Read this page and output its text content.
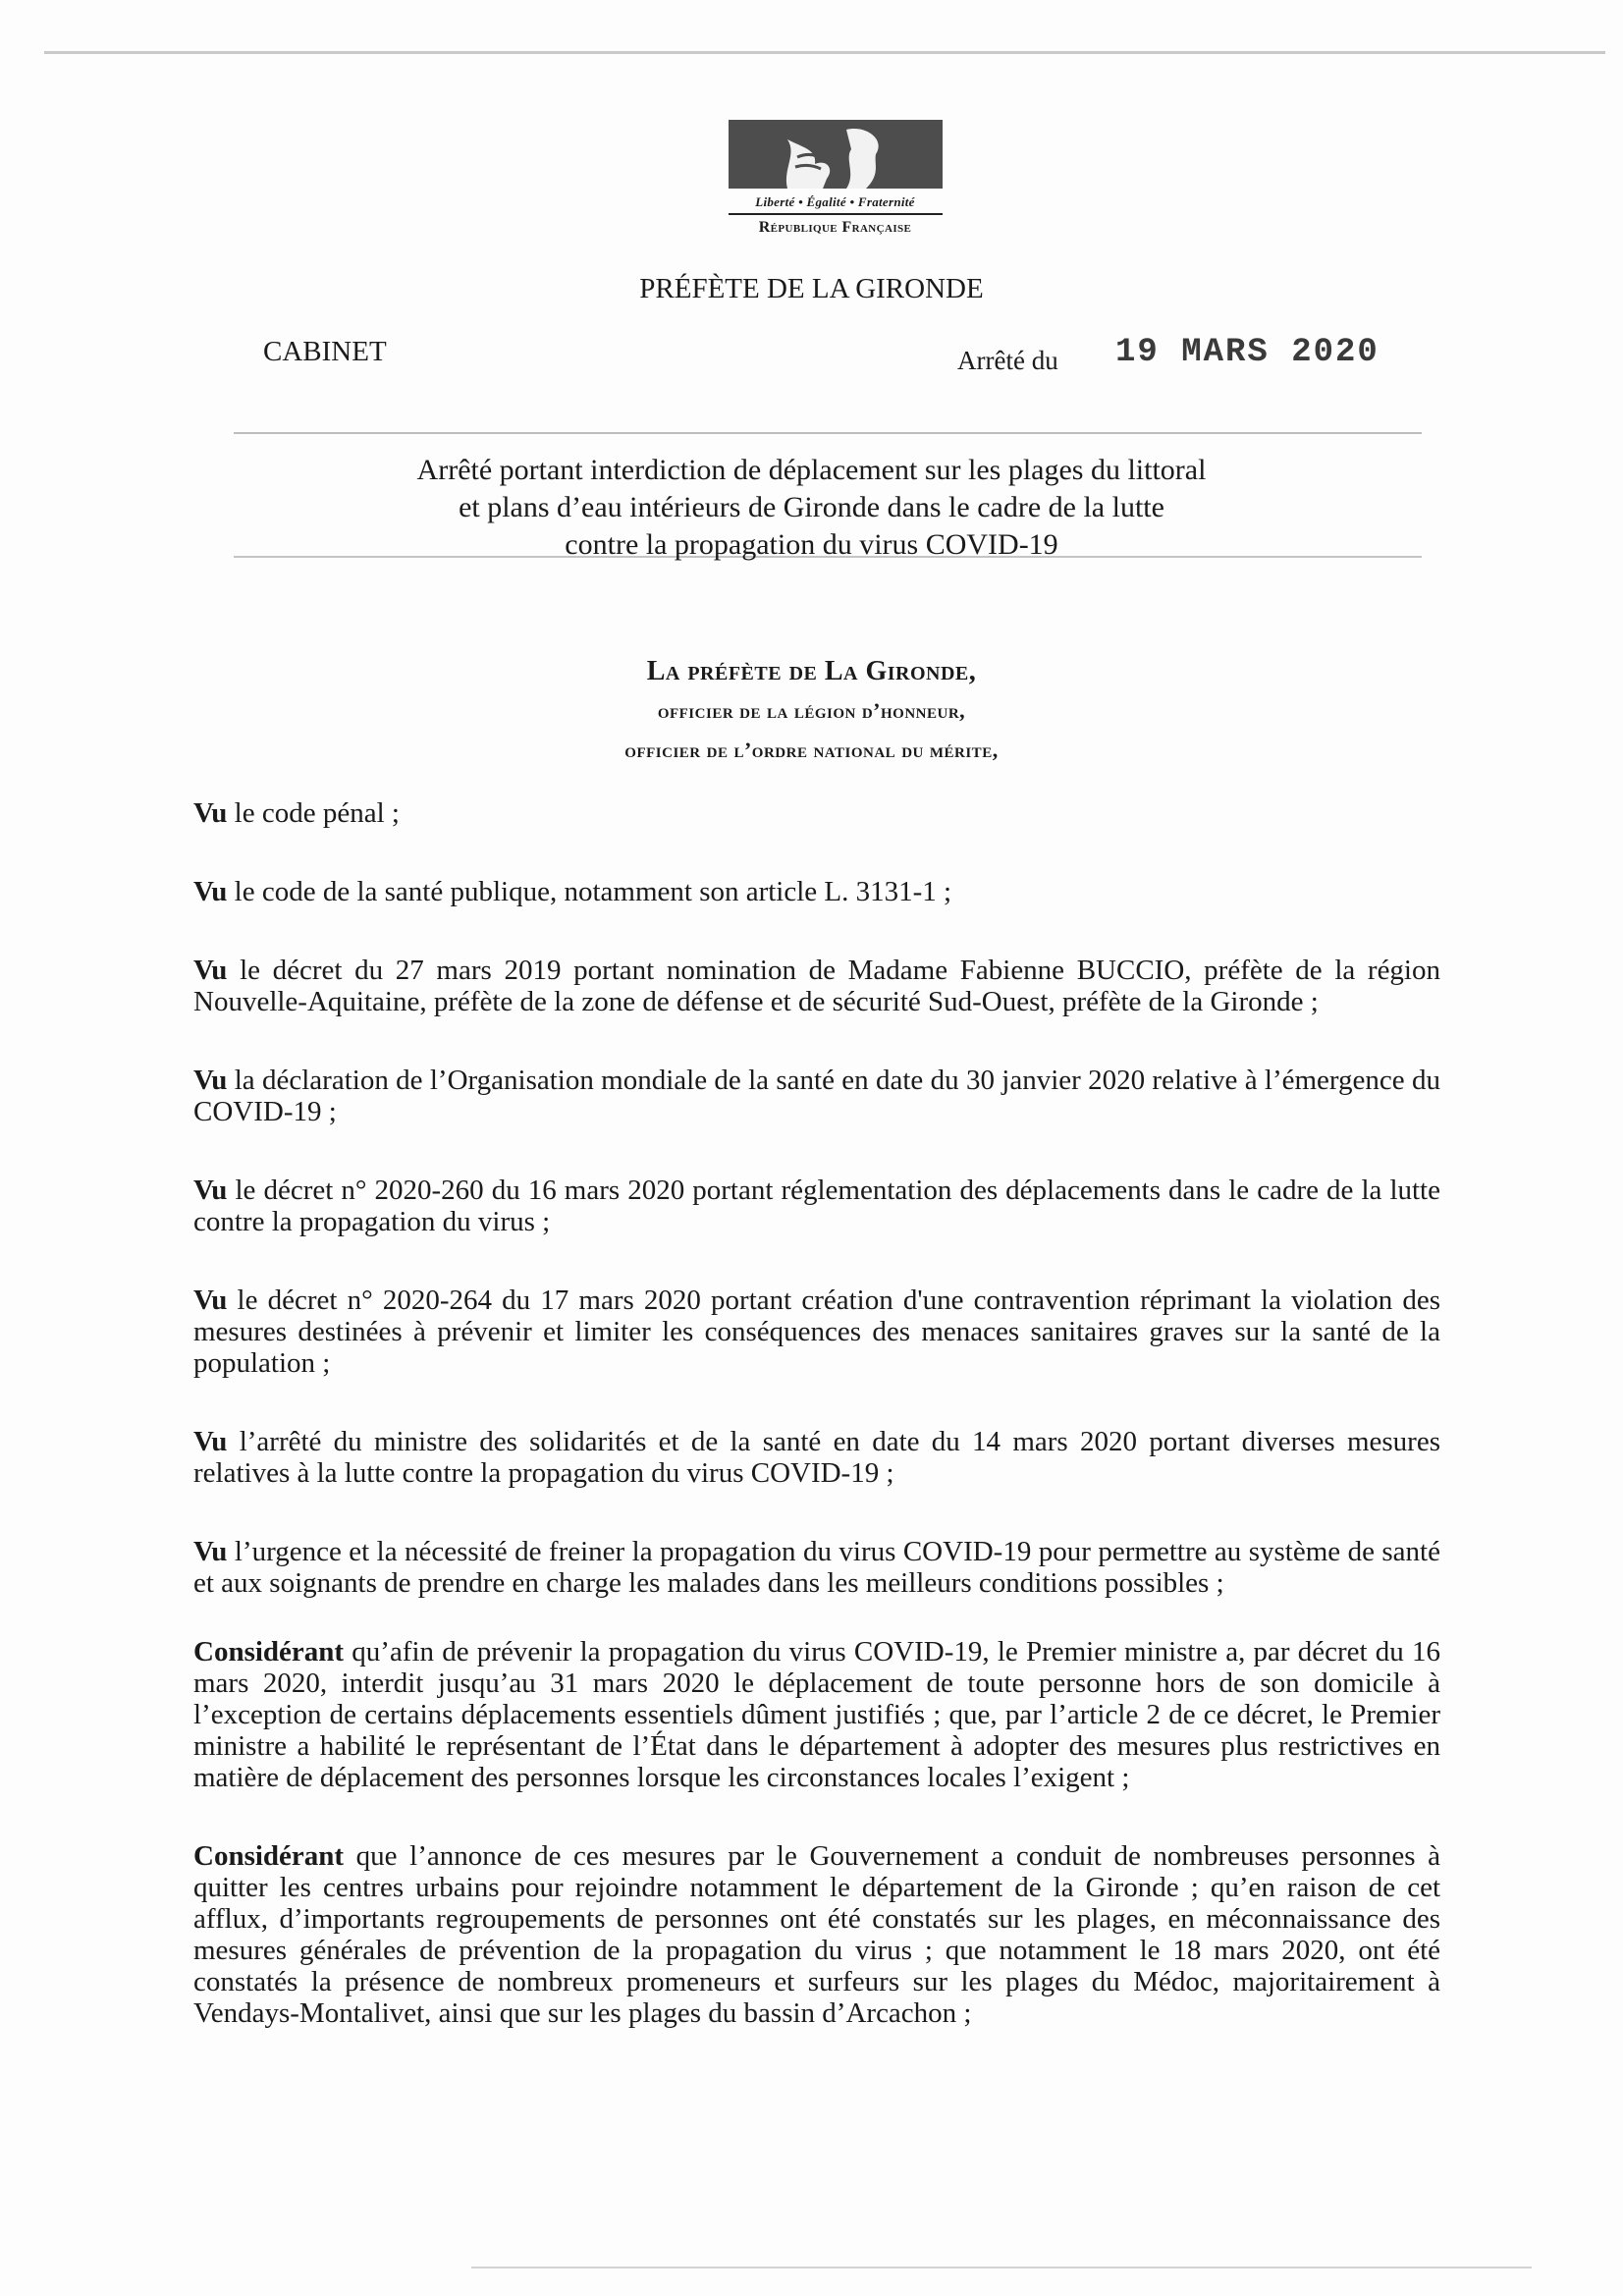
Liberté • Égalité • Fraternité
République Française
PRÉFÈTE DE LA GIRONDE
CABINET	Arrêté du 19 MARS 2020
Arrêté portant interdiction de déplacement sur les plages du littoral
et plans d’eau intérieurs de Gironde dans le cadre de la lutte
contre la propagation du virus COVID-19
La préfète de La Gironde,
officier de la légion d’honneur,
officier de l’ordre national du mérite,

Vu le code pénal ;

Vu le code de la santé publique, notamment son article L. 3131-1 ;

Vu le décret du 27 mars 2019 portant nomination de Madame Fabienne BUCCIO, préfète de la région Nouvelle-Aquitaine, préfète de la zone de défense et de sécurité Sud-Ouest, préfète de la Gironde ;

Vu la déclaration de l’Organisation mondiale de la santé en date du 30 janvier 2020 relative à l’émergence du COVID-19 ;

Vu le décret n° 2020-260 du 16 mars 2020 portant réglementation des déplacements dans le cadre de la lutte contre la propagation du virus ;

Vu le décret n° 2020-264 du 17 mars 2020 portant création d'une contravention réprimant la violation des mesures destinées à prévenir et limiter les conséquences des menaces sanitaires graves sur la santé de la population ;

Vu l’arrêté du ministre des solidarités et de la santé en date du 14 mars 2020 portant diverses mesures relatives à la lutte contre la propagation du virus COVID-19 ;

Vu l’urgence et la nécessité de freiner la propagation du virus COVID-19 pour permettre au système de santé et aux soignants de prendre en charge les malades dans les meilleurs conditions possibles ;

Considérant qu’afin de prévenir la propagation du virus COVID-19, le Premier ministre a, par décret du 16 mars 2020, interdit jusqu’au 31 mars 2020 le déplacement de toute personne hors de son domicile à l’exception de certains déplacements essentiels dûment justifiés ; que, par l’article 2 de ce décret, le Premier ministre a habilité le représentant de l’État dans le département à adopter des mesures plus restrictives en matière de déplacement des personnes lorsque les circonstances locales l’exigent ;

Considérant que l’annonce de ces mesures par le Gouvernement a conduit de nombreuses personnes à quitter les centres urbains pour rejoindre notamment le département de la Gironde ; qu’en raison de cet afflux, d’importants regroupements de personnes ont été constatés sur les plages, en méconnaissance des mesures générales de prévention de la propagation du virus ; que notamment le 18 mars 2020, ont été constatés la présence de nombreux promeneurs et surfeurs sur les plages du Médoc, majoritairement à Vendays-Montalivet, ainsi que sur les plages du bassin d’Arcachon ;
